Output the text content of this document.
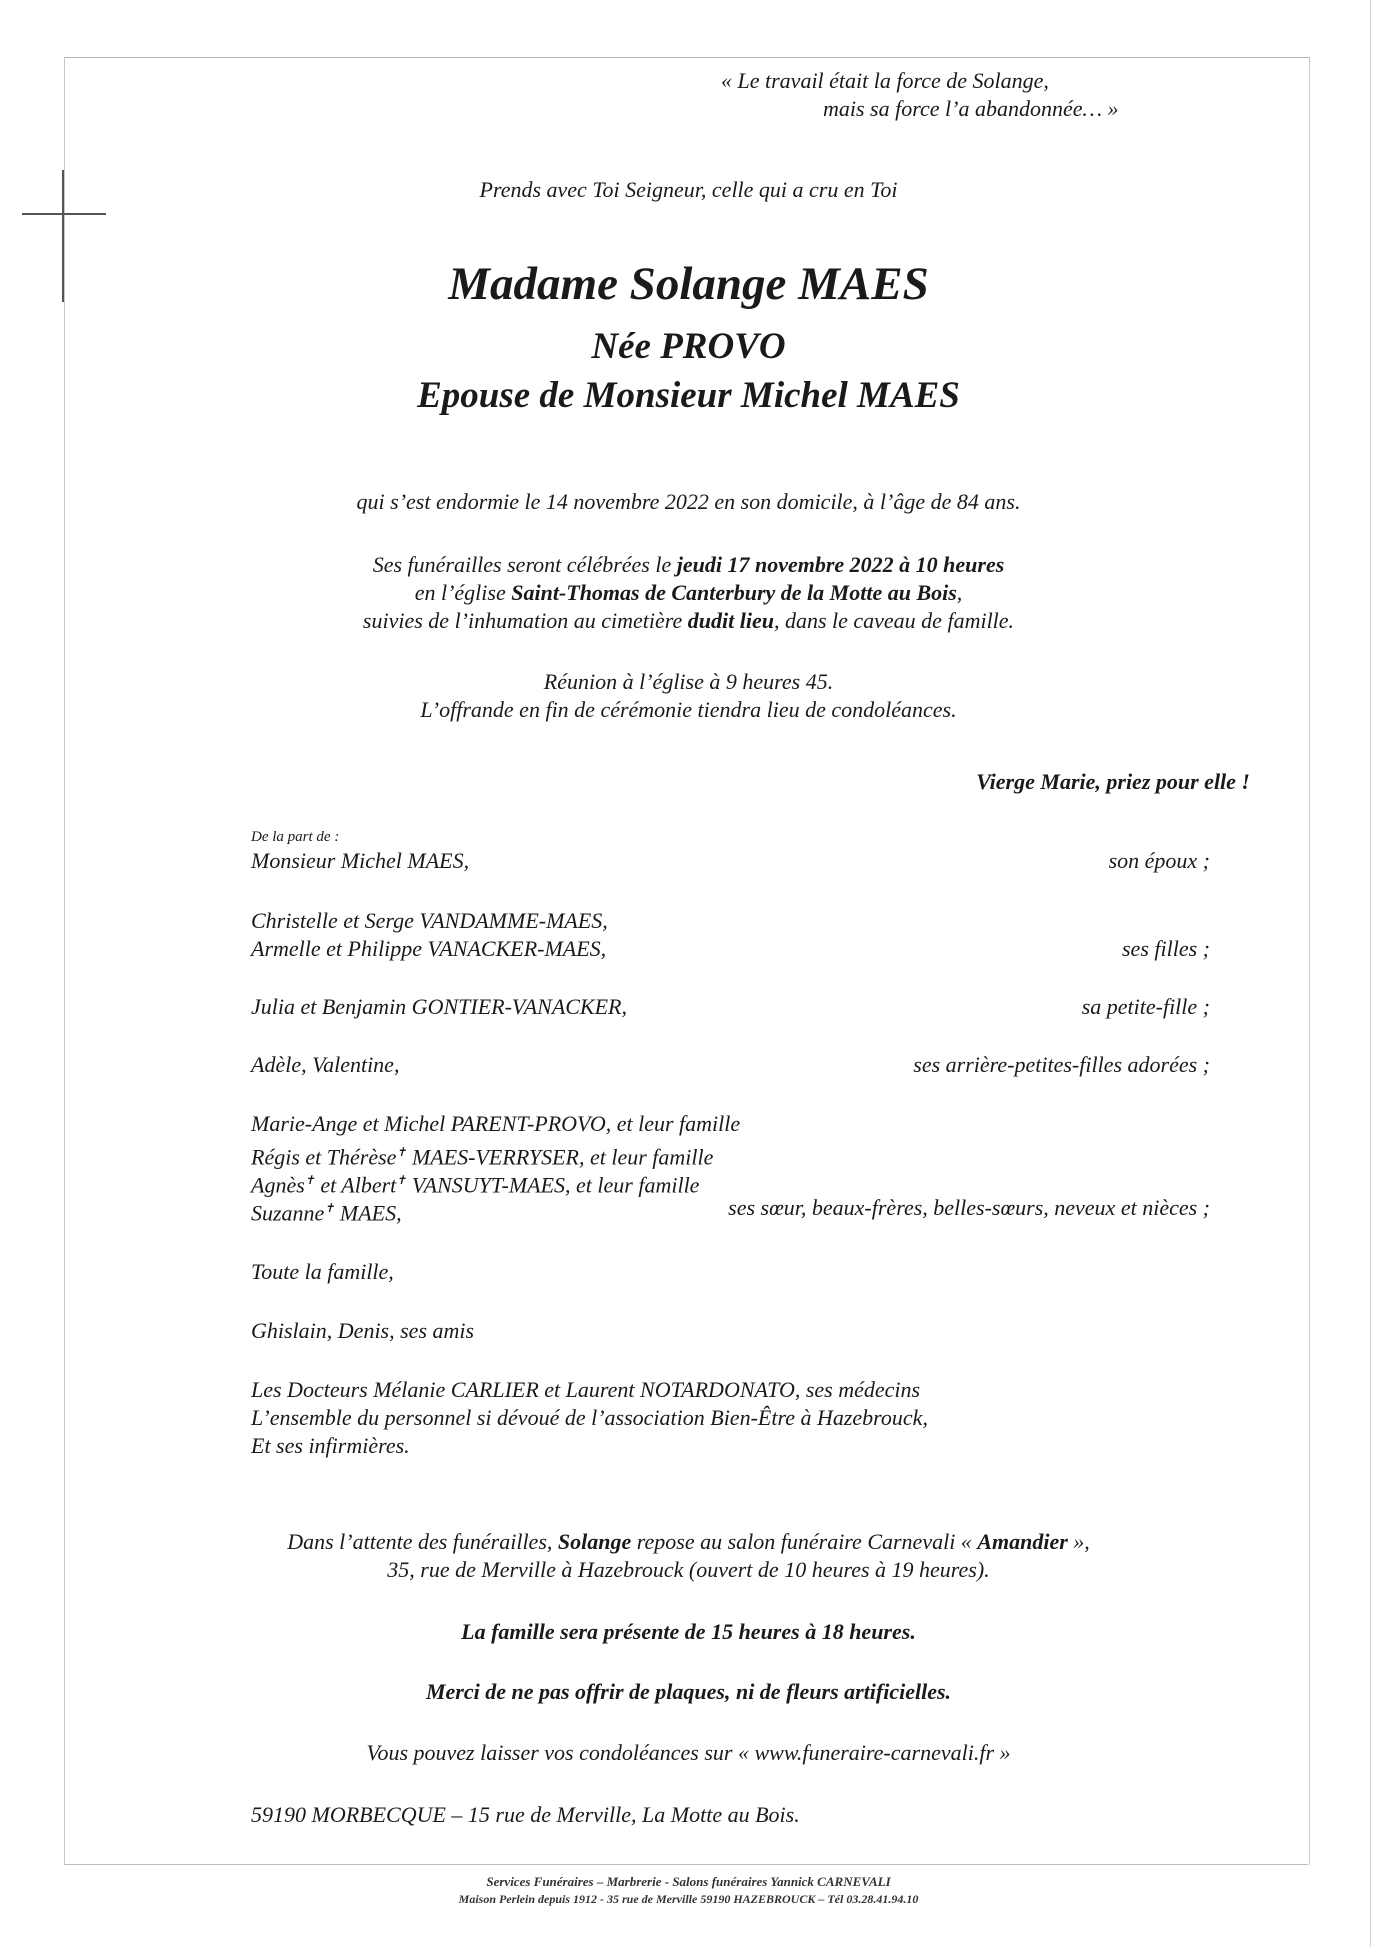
« Le travail était la force de Solange,
mais sa force l’a abandonnée… »
Prends avec Toi Seigneur, celle qui a cru en Toi
Madame Solange MAES
Née PROVO
Epouse de Monsieur Michel MAES
qui s’est endormie le 14 novembre 2022 en son domicile, à l’âge de 84 ans.
Ses funérailles seront célébrées le jeudi 17 novembre 2022 à 10 heures
en l’église Saint-Thomas de Canterbury de la Motte au Bois,
suivies de l’inhumation au cimetière dudit lieu, dans le caveau de famille.
Réunion à l’église à 9 heures 45.
L’offrande en fin de cérémonie tiendra lieu de condoléances.
Vierge Marie, priez pour elle !
De la part de :
Monsieur Michel MAES,	son époux ;
Christelle et Serge VANDAMME-MAES,
Armelle et Philippe VANACKER-MAES,	ses filles ;
Julia et Benjamin GONTIER-VANACKER,	sa petite-fille ;
Adèle, Valentine,	ses arrière-petites-filles adorées ;
Marie-Ange et Michel PARENT-PROVO, et leur famille
Régis et Thérèse✝ MAES-VERRYSER, et leur famille
Agnès✝ et Albert✝ VANSUYT-MAES, et leur famille
Suzanne✝ MAES,	ses sœur, beaux-frères, belles-sœurs, neveux et nièces ;
Toute la famille,
Ghislain, Denis, ses amis
Les Docteurs Mélanie CARLIER et Laurent NOTARDONATO, ses médecins
L’ensemble du personnel si dévoué de l’association Bien-Être à Hazebrouck,
Et ses infirmières.
Dans l’attente des funérailles, Solange repose au salon funéraire Carnevali « Amandier »,
35, rue de Merville à Hazebrouck (ouvert de 10 heures à 19 heures).
La famille sera présente de 15 heures à 18 heures.
Merci de ne pas offrir de plaques, ni de fleurs artificielles.
Vous pouvez laisser vos condoléances sur « www.funeraire-carnevali.fr »
59190 MORBECQUE – 15 rue de Merville, La Motte au Bois.
Services Funéraires – Marbrerie - Salons funéraires Yannick CARNEVALI
Maison Perlein depuis 1912 - 35 rue de Merville 59190 HAZEBROUCK – Tél 03.28.41.94.10
